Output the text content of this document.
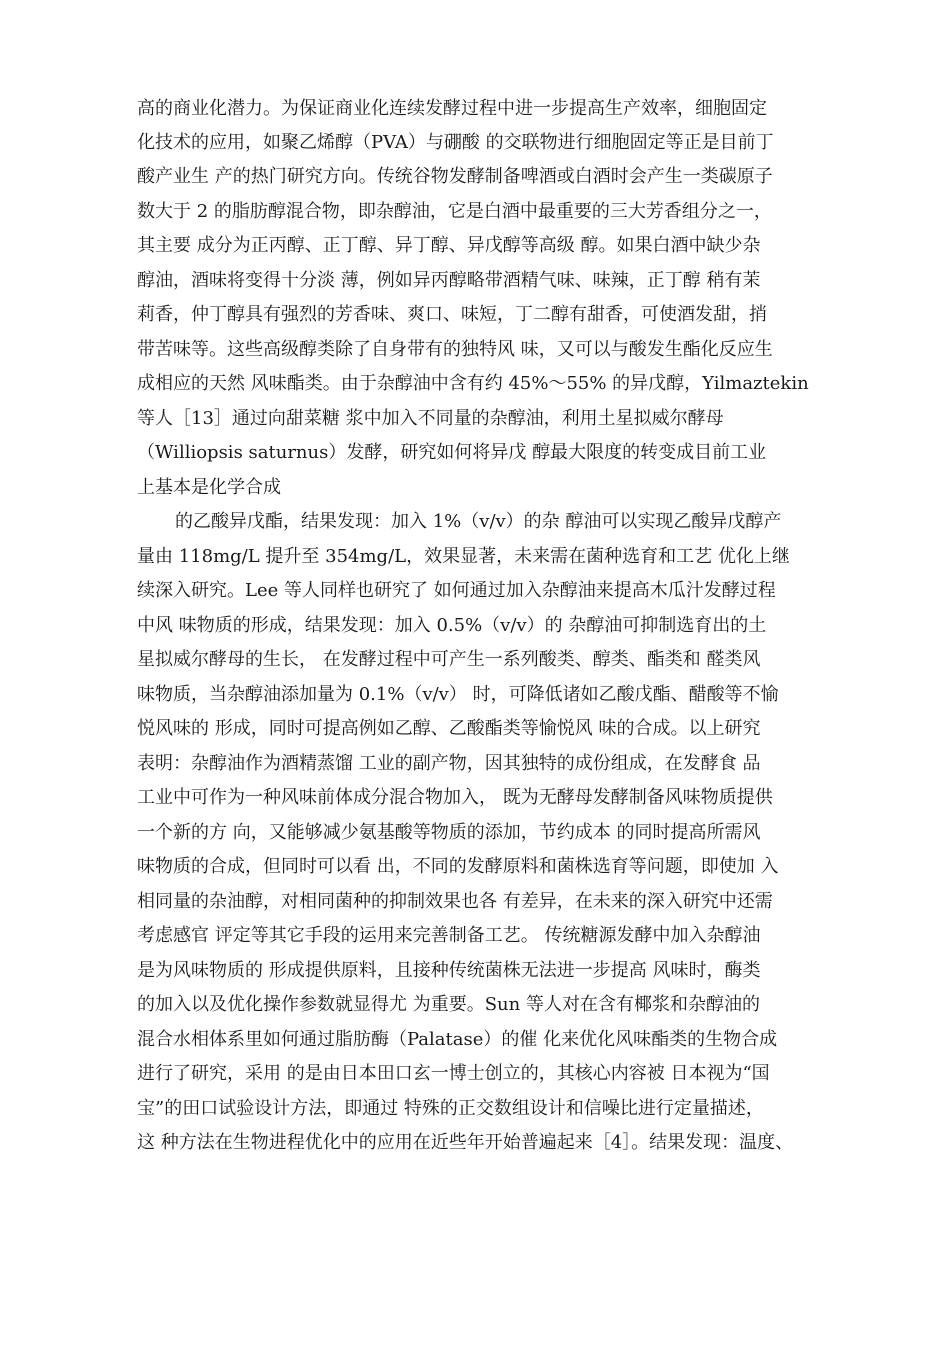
高的商业化潜力。为保证商业化连续发酵过程中进一步提高生产效率，细胞固定
化技术的应用，如聚乙烯醇（PVA）与硼酸 的交联物进行细胞固定等正是目前丁
酸产业生 产的热门研究方向。传统谷物发酵制备啤酒或白酒时会产生一类碳原子
数大于 2 的脂肪醇混合物，即杂醇油，它是白酒中最重要的三大芳香组分之一，
其主要 成分为正丙醇、正丁醇、异丁醇、异戊醇等高级 醇。如果白酒中缺少杂
醇油，酒味将变得十分淡 薄，例如异丙醇略带酒精气味、味辣，正丁醇 稍有茉
莉香，仲丁醇具有强烈的芳香味、爽口、味短，丁二醇有甜香，可使酒发甜，捎
带苦味等。这些高级醇类除了自身带有的独特风 味，又可以与酸发生酯化反应生
成相应的天然 风味酯类。由于杂醇油中含有约 45%～55% 的异戊醇，Yilmaztekin
等人［13］通过向甜菜糖 浆中加入不同量的杂醇油，利用土星拟威尔酵母
（Williopsis saturnus）发酵，研究如何将异戊 醇最大限度的转变成目前工业
上基本是化学合成
的乙酸异戊酯，结果发现：加入 1%（v/v）的杂 醇油可以实现乙酸异戊醇产
量由 118mg/L 提升至 354mg/L，效果显著，未来需在菌种选育和工艺 优化上继
续深入研究。Lee 等人同样也研究了 如何通过加入杂醇油来提高木瓜汁发酵过程
中风 味物质的形成，结果发现：加入 0.5%（v/v）的 杂醇油可抑制选育出的土
星拟威尔酵母的生长， 在发酵过程中可产生一系列酸类、醇类、酯类和 醛类风
味物质，当杂醇油添加量为 0.1%（v/v） 时，可降低诸如乙酸戊酯、醋酸等不愉
悦风味的 形成，同时可提高例如乙醇、乙酸酯类等愉悦风 味的合成。以上研究
表明：杂醇油作为酒精蒸馏 工业的副产物，因其独特的成份组成，在发酵食 品
工业中可作为一种风味前体成分混合物加入， 既为无酵母发酵制备风味物质提供
一个新的方 向，又能够减少氨基酸等物质的添加，节约成本 的同时提高所需风
味物质的合成，但同时可以看 出，不同的发酵原料和菌株选育等问题，即使加 入
相同量的杂油醇，对相同菌种的抑制效果也各 有差异，在未来的深入研究中还需
考虑感官 评定等其它手段的运用来完善制备工艺。 传统糖源发酵中加入杂醇油
是为风味物质的 形成提供原料，且接种传统菌株无法进一步提高 风味时，酶类
的加入以及优化操作参数就显得尤 为重要。Sun 等人对在含有椰浆和杂醇油的
混合水相体系里如何通过脂肪酶（Palatase）的催 化来优化风味酯类的生物合成
进行了研究，采用 的是由日本田口玄一博士创立的，其核心内容被 日本视为“国
宝”的田口试验设计方法，即通过 特殊的正交数组设计和信噪比进行定量描述，
这 种方法在生物进程优化中的应用在近些年开始普遍起来［4］。结果发现：温度、
